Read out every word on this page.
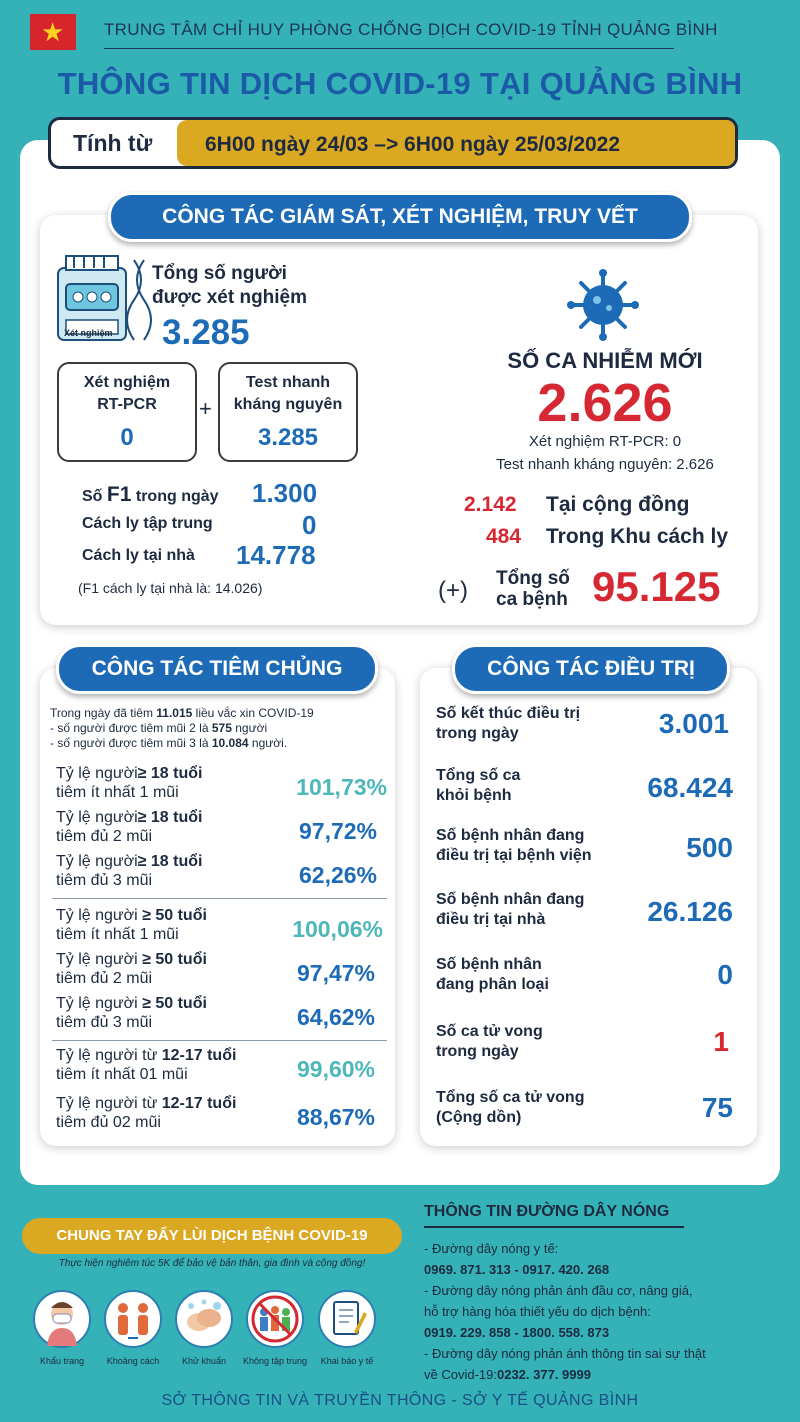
★ TRUNG TÂM CHỈ HUY PHÒNG CHỐNG DỊCH COVID-19 TỈNH QUẢNG BÌNH
THÔNG TIN DỊCH COVID-19 TẠI QUẢNG BÌNH
Tính từ	6H00 ngày 24/03 –> 6H00 ngày 25/03/2022
CÔNG TÁC GIÁM SÁT, XÉT NGHIỆM, TRUY VẾT
Xét nghiệm
Tổng số người
được xét nghiệm
3.285
Xét nghiệm
RT-PCR
0
+
Test nhanh
kháng nguyên
3.285
Số F1 trong ngày 1.300
Cách ly tập trung	0
Cách ly tại nhà 14.778
(F1 cách ly tại nhà là: 14.026)
SỐ CA NHIỄM MỚI
2.626
Xét nghiệm RT-PCR: 0
Test nhanh kháng nguyên: 2.626
2.142 Tại cộng đồng
484 Trong Khu cách ly
(+) Tổng số
ca bệnh 95.125
CÔNG TÁC TIÊM CHỦNG
Trong ngày đã tiêm 11.015 liều vắc xin COVID-19
- số người được tiêm mũi 2 là 575 người
- số người được tiêm mũi 3 là 10.084 người.
Tỷ lệ người≥ 18 tuổi
tiêm ít nhất 1 mũi	101,73%
Tỷ lệ người≥ 18 tuổi
tiêm đủ 2 mũi	97,72%
Tỷ lệ người≥ 18 tuổi
tiêm đủ 3 mũi	62,26%
Tỷ lệ người ≥ 50 tuổi
tiêm ít nhất 1 mũi	100,06%
Tỷ lệ người ≥ 50 tuổi
tiêm đủ 2 mũi	97,47%
Tỷ lệ người ≥ 50 tuổi
tiêm đủ 3 mũi	64,62%
Tỷ lệ người từ 12-17 tuổi
tiêm ít nhất 01 mũi	99,60%
Tỷ lệ người từ 12-17 tuổi
tiêm đủ 02 mũi	88,67%
CÔNG TÁC ĐIỀU TRỊ
Số kết thúc điều trị
trong ngày	3.001
Tổng số ca
khỏi bệnh	68.424
Số bệnh nhân đang
điều trị tại bệnh viện	500
Số bệnh nhân đang
điều trị tại nhà	26.126
Số bệnh nhân
đang phân loại	0
Số ca tử vong
trong ngày	1
Tổng số ca tử vong
(Cộng dồn)	75
CHUNG TAY ĐẨY LÙI DỊCH BỆNH COVID-19
Thực hiện nghiêm túc 5K để bảo vệ bản thân, gia đình và cộng đồng!
Khẩu trang	Khoảng cách	Khử khuẩn	Không tập trung	Khai báo y tế
THÔNG TIN ĐƯỜNG DÂY NÓNG
- Đường dây nóng y tế:
0969. 871. 313 - 0917. 420. 268
- Đường dây nóng phản ánh đầu cơ, nâng giá,
hỗ trợ hàng hóa thiết yếu do dịch bệnh:
0919. 229. 858 - 1800. 558. 873
- Đường dây nóng phản ánh thông tin sai sự thật
về Covid-19:0232. 377. 9999
SỞ THÔNG TIN VÀ TRUYỀN THÔNG - SỞ Y TẾ QUẢNG BÌNH
